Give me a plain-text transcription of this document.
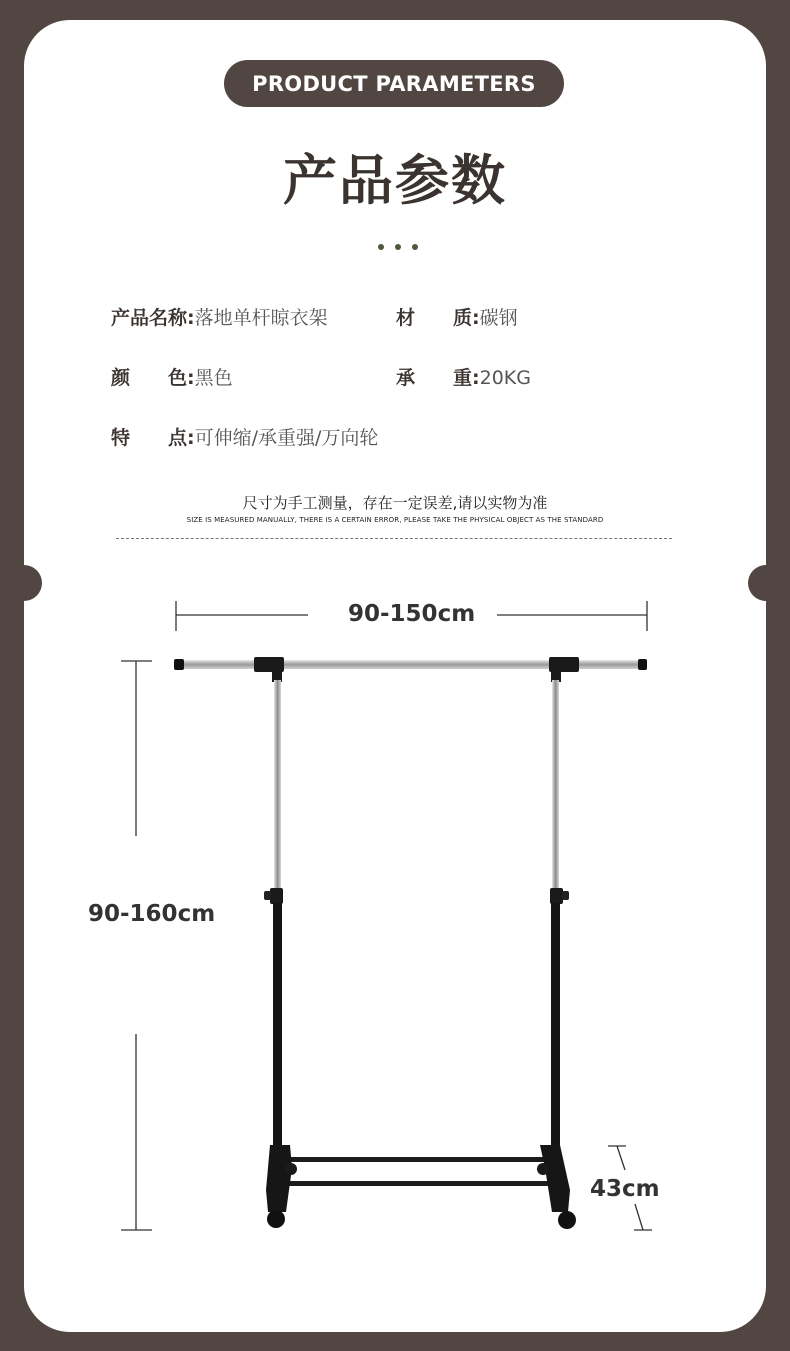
PRODUCT PARAMETERS
产品参数
产品名称:落地单杆晾衣架	材　　质:碳钢
颜　　色:黑色	承　　重:20KG
特　　点:可伸缩/承重强/万向轮
尺寸为手工测量，存在一定误差,请以实物为准
SIZE IS MEASURED MANUALLY, THERE IS A CERTAIN ERROR, PLEASE TAKE THE PHYSICAL OBJECT AS THE STANDARD
90-150cm
90-160cm
43cm
